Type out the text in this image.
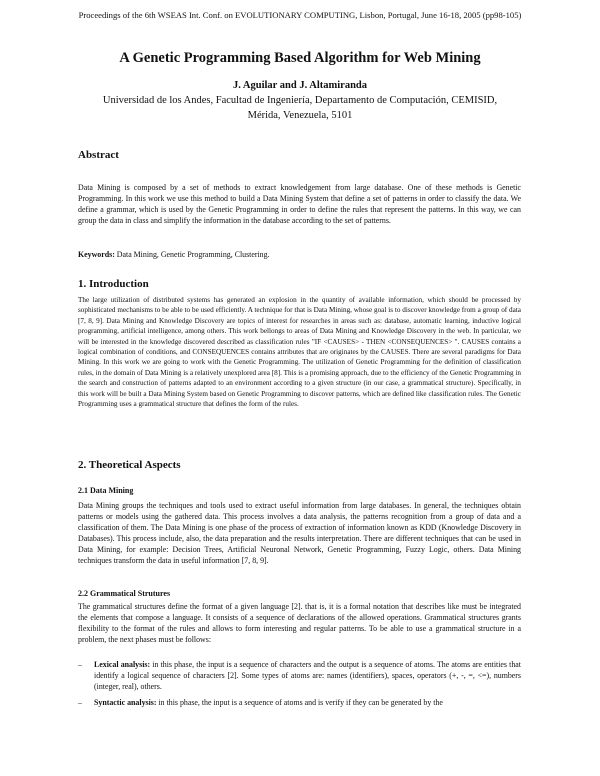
Proceedings of the 6th WSEAS Int. Conf. on EVOLUTIONARY COMPUTING, Lisbon, Portugal, June 16-18, 2005 (pp98-105)
A Genetic Programming Based Algorithm for Web Mining
J. Aguilar and J. Altamiranda
Universidad de los Andes, Facultad de Ingeniería, Departamento de Computación, CEMISID,
Mérida, Venezuela, 5101
Abstract

Data Mining is composed by a set of methods to extract knowledgement from large database. One of these methods is Genetic Programming. In this work we use this method to build a Data Mining System that define a set of patterns in order to classify the data. We define a grammar, which is used by the Genetic Programming in order to define the rules that represent the patterns. In this way, we can group the data in class and simplify the information in the database according to the set of patterns.

Keywords: Data Mining, Genetic Programming, Clustering.
1. Introduction

The large utilization of distributed systems has generated an explosion in the quantity of available information, which should be processed by sophisticated mechanisms to be able to be used efficiently. A technique for that is Data Mining, whose goal is to discover knowledge from a group of data [7, 8, 9]. Data Mining and Knowledge Discovery are topics of interest for researches in areas such as: database, automatic learning, inductive logical programming, artificial intelligence, among others. This work bellongs to areas of Data Mining and Knowledge Discovery in the web. In particular, we will be interested in the knowledge discovered described as classification rules "IF <CAUSES> - THEN <CONSEQUENCES> ". CAUSES contains a logical combination of conditions, and CONSEQUENCES contains attributes that are originates by the CAUSES. There are several paradigms for Data Mining. In this work we are going to work with the Genetic Programming. The utilization of Genetic Programming for the definition of classification rules, in the domain of Data Mining is a relatively unexplored area [8]. This is a promising approach, due to the efficiency of the Genetic Programming in the search and construction of patterns adapted to an environment according to a given structure (in our case, a grammatical structure). Specifically, in this work will be built a Data Mining System based on Genetic Programming to discover patterns, which are defined like classification rules. The Genetic Programming uses a grammatical structure that defines the form of the rules.

2. Theoretical Aspects
2.1 Data Mining

Data Mining groups the techniques and tools used to extract useful information from large databases. In general, the techniques obtain patterns or models using the gathered data. This process involves a data analysis, the patterns recognition from a group of data and a classification of them. The Data Mining is one phase of the process of extraction of information known as KDD (Knowledge Discovery in Databases). This process include, also, the data preparation and the results interpretation. There are different techniques that can be used in Data Mining, for example: Decision Trees, Artificial Neuronal Network, Genetic Programming, Fuzzy Logic, others. Data Mining techniques transform the data in useful information [7, 8, 9].

2.2 Grammatical Strutures

The grammatical structures define the format of a given language [2]. that is, it is a formal notation that describes like must be integrated the elements that compose a language. It consists of a sequence of declarations of the allowed operations. Grammatical structures grants flexibility to the format of the rules and allows to form interesting and regular patterns. To be able to use a grammatical structure in a problem, the next phases must be follows:

– Lexical analysis: in this phase, the input is a sequence of characters and the output is a sequence of atoms. The atoms are entities that identify a logical sequence of characters [2]. Some types of atoms are: names (identifiers), spaces, operators (+, -, =, <=), numbers (integer, real), others.
– Syntactic analysis: in this phase, the input is a sequence of atoms and is verify if they can be generated by the
